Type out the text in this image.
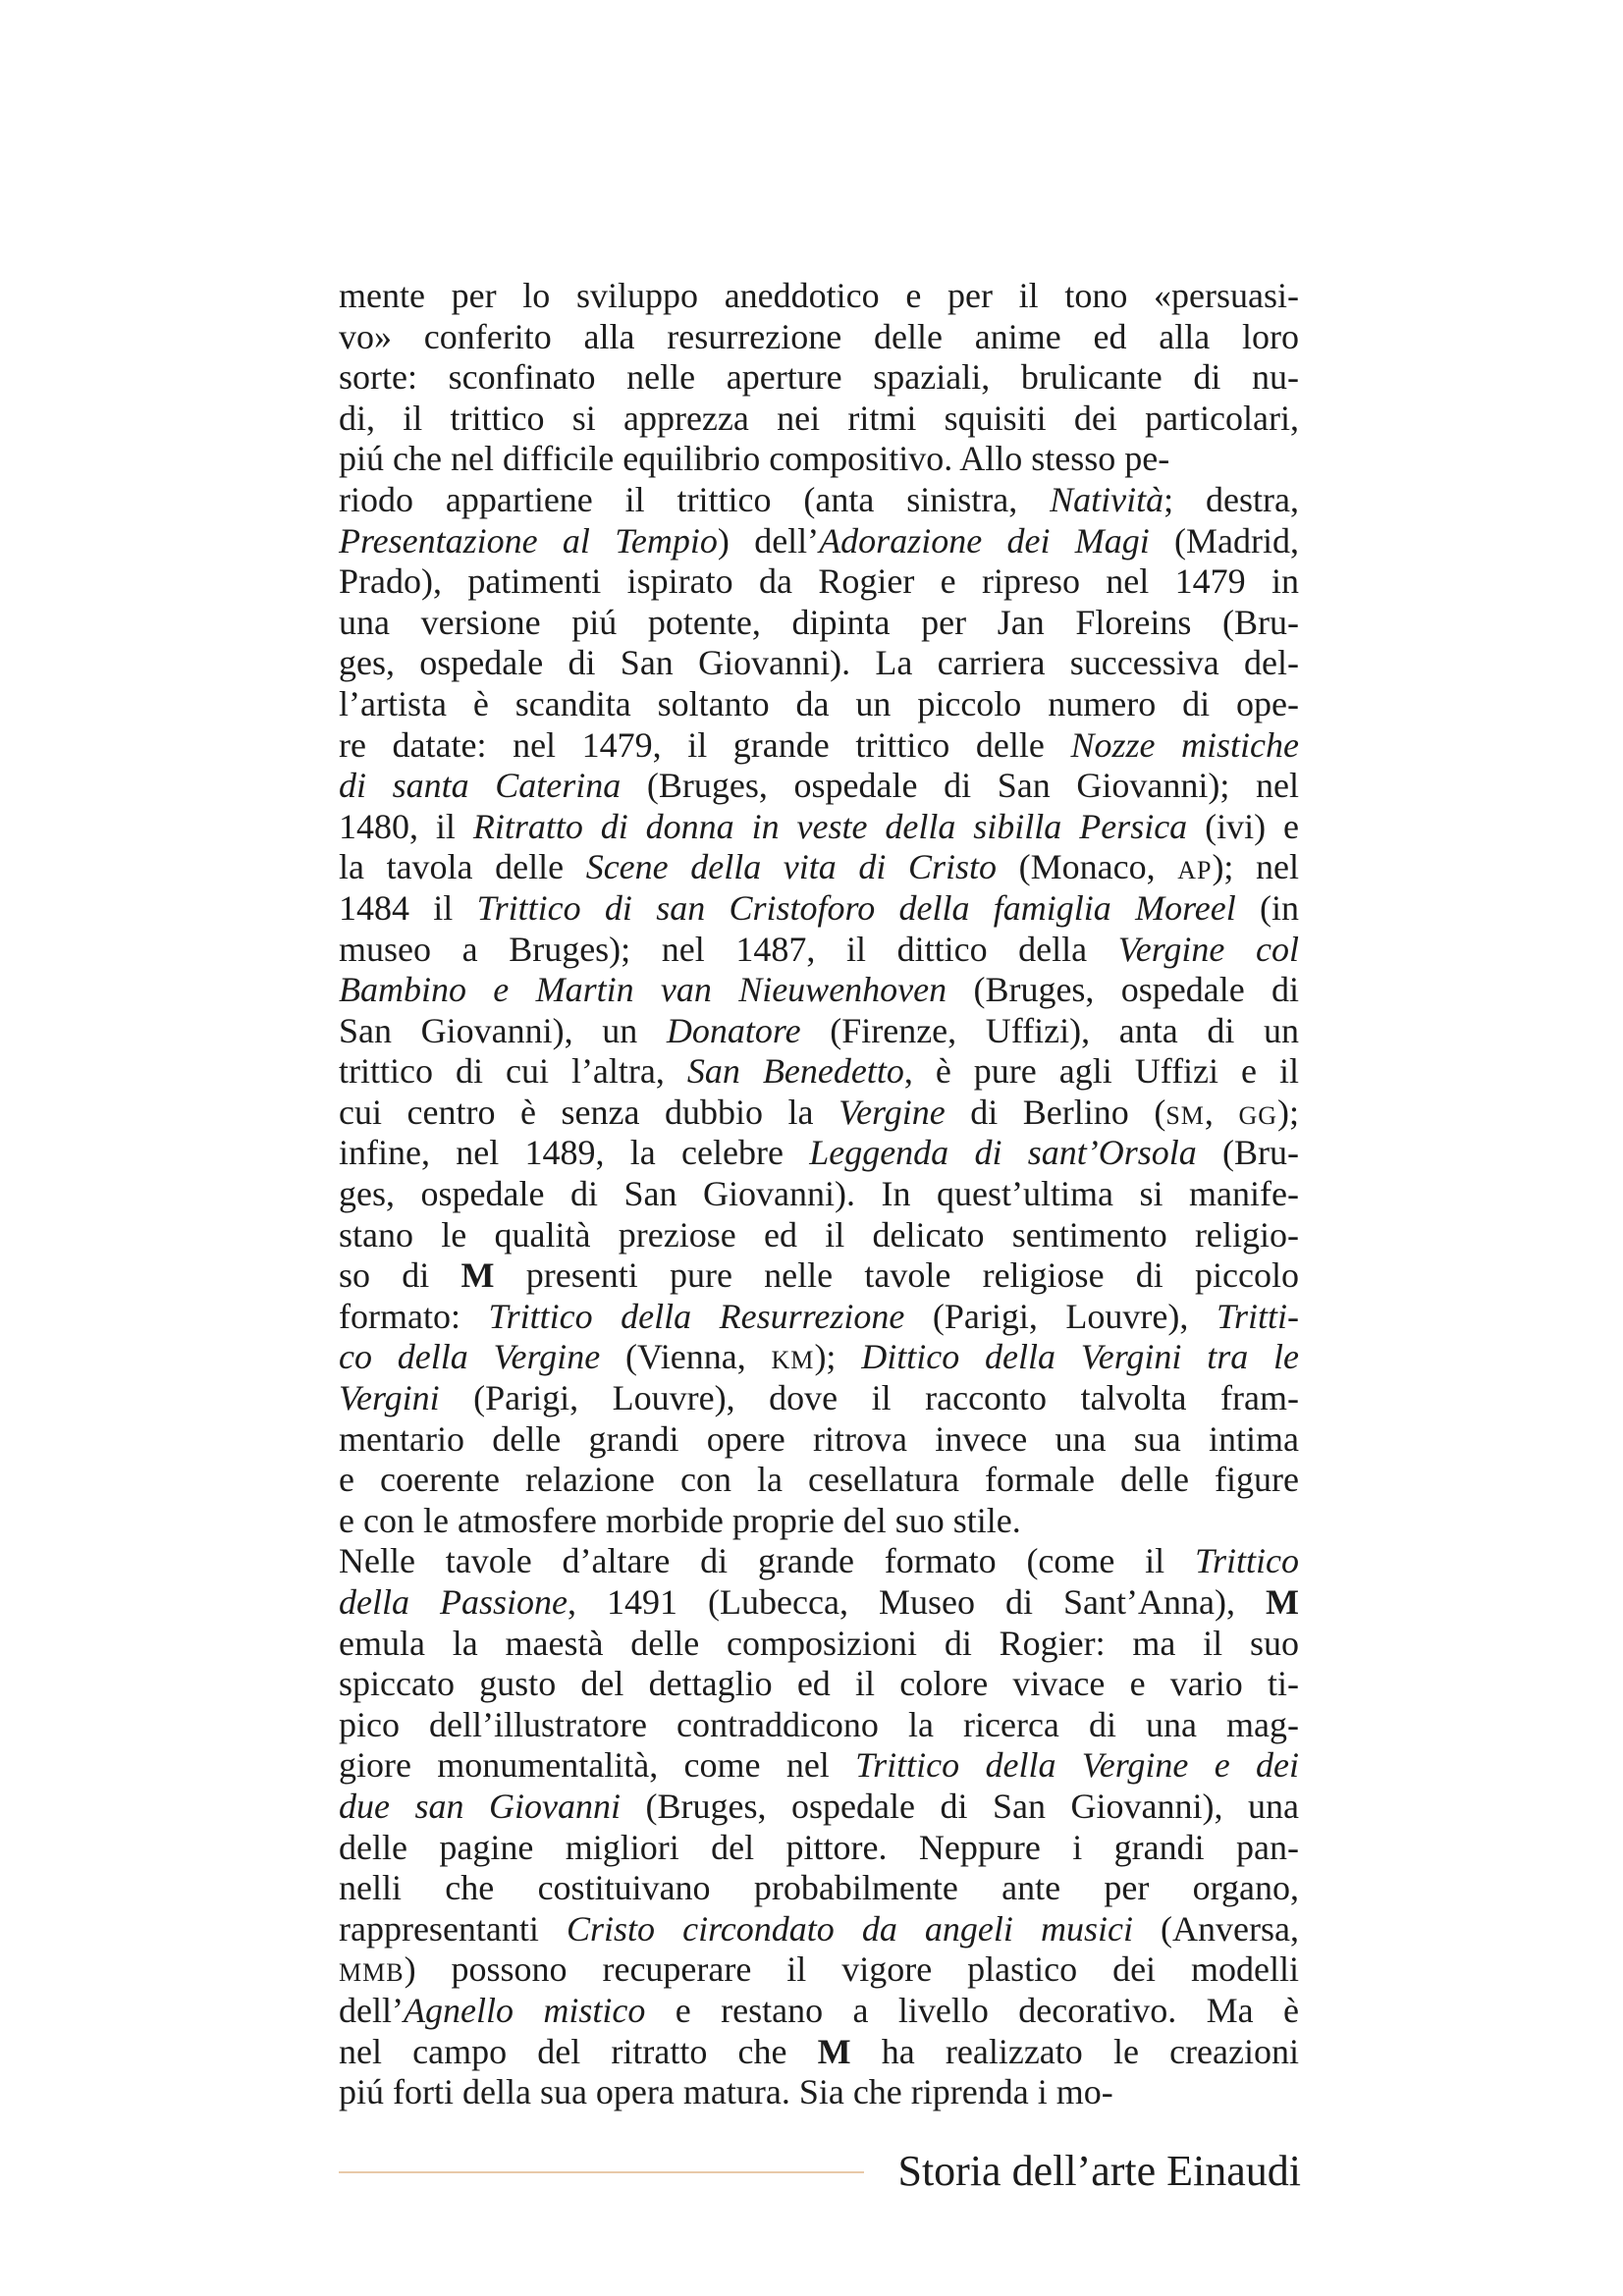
mente per lo sviluppo aneddotico e per il tono «persuasi-
vo» conferito alla resurrezione delle anime ed alla loro
sorte: sconfinato nelle aperture spaziali, brulicante di nu-
di, il trittico si apprezza nei ritmi squisiti dei particolari,
piú che nel difficile equilibrio compositivo. Allo stesso pe-
riodo appartiene il trittico (anta sinistra, Natività; destra,
Presentazione al Tempio) dell’Adorazione dei Magi (Madrid,
Prado), patimenti ispirato da Rogier e ripreso nel 1479 in
una versione piú potente, dipinta per Jan Floreins (Bru-
ges, ospedale di San Giovanni). La carriera successiva del-
l’artista è scandita soltanto da un piccolo numero di ope-
re datate: nel 1479, il grande trittico delle Nozze mistiche
di santa Caterina (Bruges, ospedale di San Giovanni); nel
1480, il Ritratto di donna in veste della sibilla Persica (ivi) e
la tavola delle Scene della vita di Cristo (Monaco, AP); nel
1484 il Trittico di san Cristoforo della famiglia Moreel (in
museo a Bruges); nel 1487, il dittico della Vergine col
Bambino e Martin van Nieuwenhoven (Bruges, ospedale di
San Giovanni), un Donatore (Firenze, Uffizi), anta di un
trittico di cui l’altra, San Benedetto, è pure agli Uffizi e il
cui centro è senza dubbio la Vergine di Berlino (SM, GG);
infine, nel 1489, la celebre Leggenda di sant’Orsola (Bru-
ges, ospedale di San Giovanni). In quest’ultima si manife-
stano le qualità preziose ed il delicato sentimento religio-
so di M presenti pure nelle tavole religiose di piccolo
formato: Trittico della Resurrezione (Parigi, Louvre), Tritti-
co della Vergine (Vienna, KM); Dittico della Vergini tra le
Vergini (Parigi, Louvre), dove il racconto talvolta fram-
mentario delle grandi opere ritrova invece una sua intima
e coerente relazione con la cesellatura formale delle figure
e con le atmosfere morbide proprie del suo stile.
Nelle tavole d’altare di grande formato (come il Trittico
della Passione, 1491 (Lubecca, Museo di Sant’Anna), M
emula la maestà delle composizioni di Rogier: ma il suo
spiccato gusto del dettaglio ed il colore vivace e vario ti-
pico dell’illustratore contraddicono la ricerca di una mag-
giore monumentalità, come nel Trittico della Vergine e dei
due san Giovanni (Bruges, ospedale di San Giovanni), una
delle pagine migliori del pittore. Neppure i grandi pan-
nelli che costituivano probabilmente ante per organo,
rappresentanti Cristo circondato da angeli musici (Anversa,
MMB) possono recuperare il vigore plastico dei modelli
dell’Agnello mistico e restano a livello decorativo. Ma è
nel campo del ritratto che M ha realizzato le creazioni
piú forti della sua opera matura. Sia che riprenda i mo-
Storia dell’arte Einaudi
